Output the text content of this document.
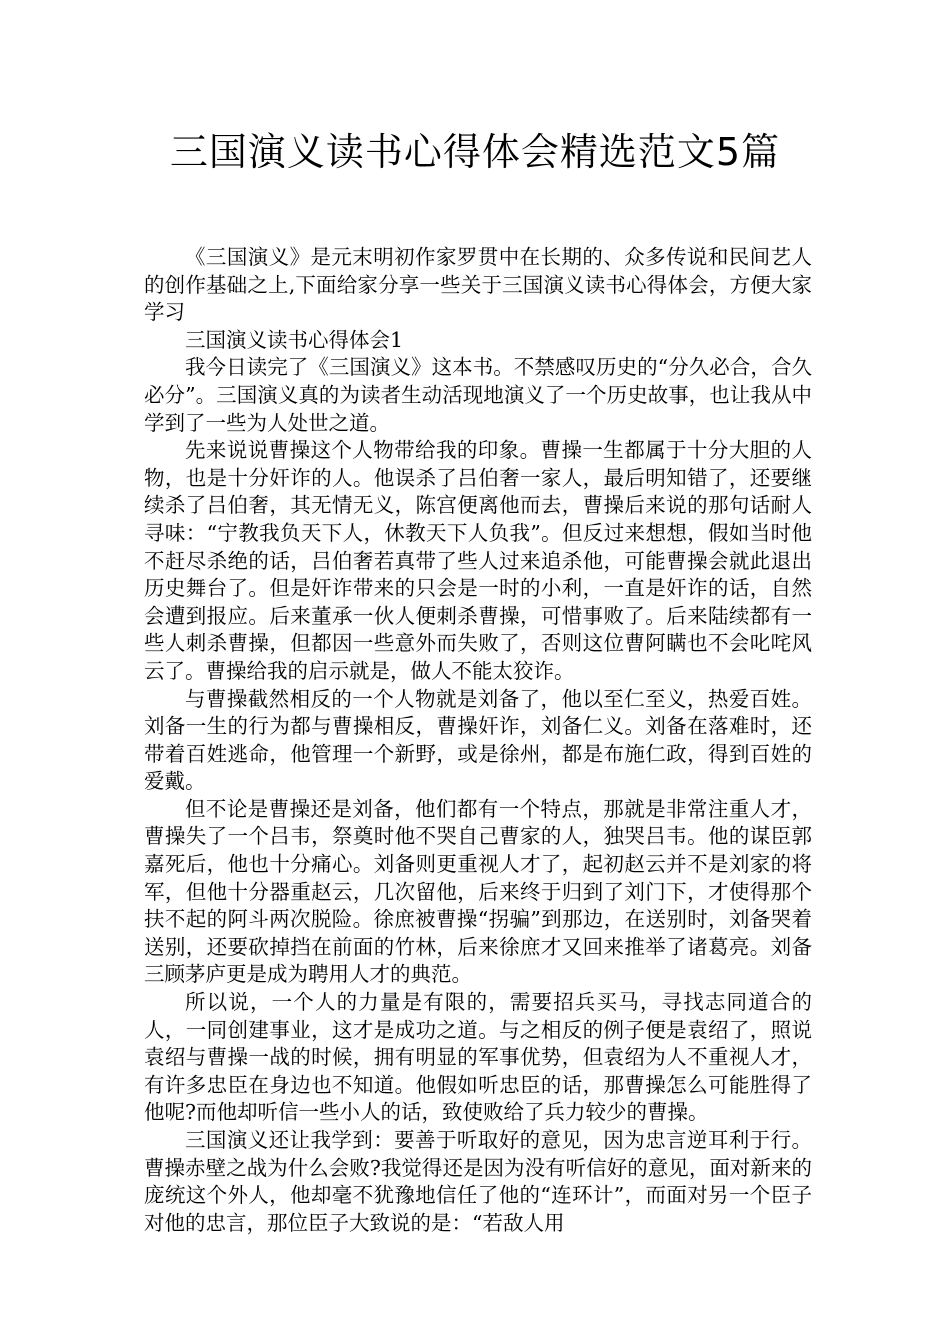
三国演义读书心得体会精选范文5篇

《三国演义》是元末明初作家罗贯中在长期的、众多传说和民间艺人的创作基础之上,下面给家分享一些关于三国演义读书心得体会，方便大家学习

三国演义读书心得体会1

我今日读完了《三国演义》这本书。不禁感叹历史的“分久必合，合久必分”。三国演义真的为读者生动活现地演义了一个历史故事，也让我从中学到了一些为人处世之道。

先来说说曹操这个人物带给我的印象。曹操一生都属于十分大胆的人物，也是十分奸诈的人。他误杀了吕伯奢一家人，最后明知错了，还要继续杀了吕伯奢，其无情无义，陈宫便离他而去，曹操后来说的那句话耐人寻味：“宁教我负天下人，休教天下人负我”。但反过来想想，假如当时他不赶尽杀绝的话，吕伯奢若真带了些人过来追杀他，可能曹操会就此退出历史舞台了。但是奸诈带来的只会是一时的小利，一直是奸诈的话，自然会遭到报应。后来董承一伙人便刺杀曹操，可惜事败了。后来陆续都有一些人刺杀曹操，但都因一些意外而失败了，否则这位曹阿瞒也不会叱咤风云了。曹操给我的启示就是，做人不能太狡诈。

与曹操截然相反的一个人物就是刘备了，他以至仁至义，热爱百姓。刘备一生的行为都与曹操相反，曹操奸诈，刘备仁义。刘备在落难时，还带着百姓逃命，他管理一个新野，或是徐州，都是布施仁政，得到百姓的爱戴。

但不论是曹操还是刘备，他们都有一个特点，那就是非常注重人才，曹操失了一个吕韦，祭奠时他不哭自己曹家的人，独哭吕韦。他的谋臣郭嘉死后，他也十分痛心。刘备则更重视人才了，起初赵云并不是刘家的将军，但他十分器重赵云，几次留他，后来终于归到了刘门下，才使得那个扶不起的阿斗两次脱险。徐庶被曹操“拐骗”到那边，在送别时，刘备哭着送别，还要砍掉挡在前面的竹林，后来徐庶才又回来推举了诸葛亮。刘备三顾茅庐更是成为聘用人才的典范。

所以说，一个人的力量是有限的，需要招兵买马，寻找志同道合的人，一同创建事业，这才是成功之道。与之相反的例子便是袁绍了，照说袁绍与曹操一战的时候，拥有明显的军事优势，但袁绍为人不重视人才，有许多忠臣在身边也不知道。他假如听忠臣的话，那曹操怎么可能胜得了他呢?而他却听信一些小人的话，致使败给了兵力较少的曹操。

三国演义还让我学到：要善于听取好的意见，因为忠言逆耳利于行。曹操赤壁之战为什么会败?我觉得还是因为没有听信好的意见，面对新来的庞统这个外人，他却毫不犹豫地信任了他的“连环计”，而面对另一个臣子对他的忠言，那位臣子大致说的是：“若敌人用
